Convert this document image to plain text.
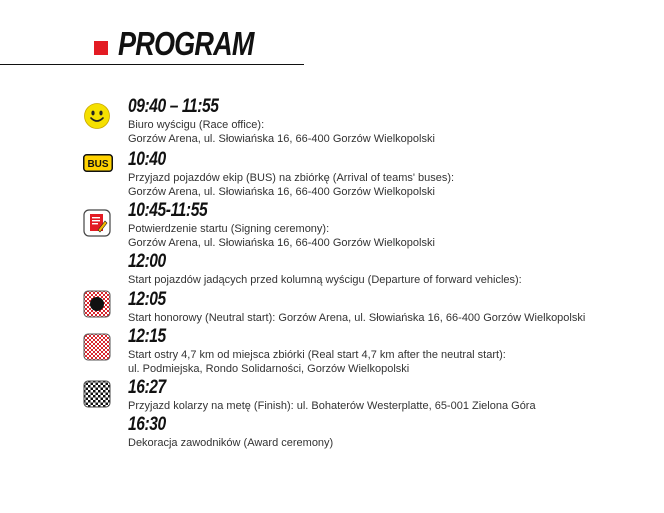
PROGRAM
09:40 – 11:55
Biuro wyścigu (Race office):
Gorzów Arena, ul. Słowiańska 16, 66-400 Gorzów Wielkopolski
BUS 10:40
Przyjazd pojazdów ekip (BUS) na zbiórkę (Arrival of teams' buses):
Gorzów Arena, ul. Słowiańska 16, 66-400 Gorzów Wielkopolski
10:45-11:55
Potwierdzenie startu (Signing ceremony):
Gorzów Arena, ul. Słowiańska 16, 66-400 Gorzów Wielkopolski
12:00
Start pojazdów jadących przed kolumną wyścigu (Departure of forward vehicles):
12:05
Start honorowy (Neutral start): Gorzów Arena, ul. Słowiańska 16, 66-400 Gorzów Wielkopolski
12:15
Start ostry 4,7 km od miejsca zbiórki (Real start 4,7 km after the neutral start):
ul. Podmiejska, Rondo Solidarności, Gorzów Wielkopolski
16:27
Przyjazd kolarzy na metę (Finish): ul. Bohaterów Westerplatte, 65-001 Zielona Góra
16:30
Dekoracja zawodników (Award ceremony)
